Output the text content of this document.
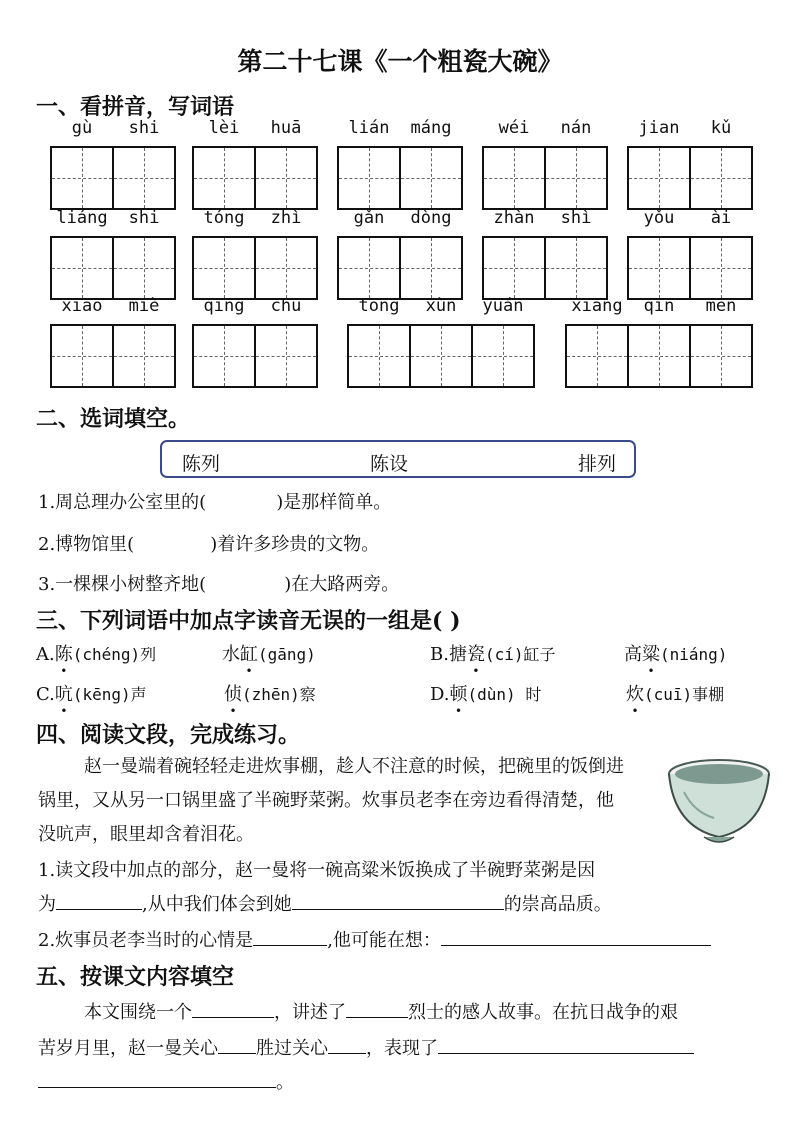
第二十七课《一个粗瓷大碗》
一、看拼音，写词语
gù	shi	lèi	huā	lián	máng	wéi	nán	jian	kǔ
liáng	shi	tóng	zhì	gǎn	dòng	zhàn	shì	yǒu	ài
xiāo	miè	qīng	chu	tōng	xùn	yuán	xiāng	qīn	men
二、选词填空。
陈列	陈设	排列
1.周总理办公室里的(	)是那样简单。
2.博物馆里(	)着许多珍贵的文物。
3.一棵棵小树整齐地(	)在大路两旁。
三、下列词语中加点字读音无误的一组是( )
A.陈(chéng)列	水缸(gāng)	B.搪瓷(cí)缸子	高粱(niáng)
C.吭(kēng)声	侦(zhēn)察	D.顿(dùn) 时	炊(cuī)事棚
四、阅读文段，完成练习。
赵一曼端着碗轻轻走进炊事棚，趁人不注意的时候，把碗里的饭倒进
锅里，又从另一口锅里盛了半碗野菜粥。炊事员老李在旁边看得清楚，他
没吭声，眼里却含着泪花。
1.读文段中加点的部分，赵一曼将一碗高粱米饭换成了半碗野菜粥是因
为	,从中我们体会到她	的崇高品质。
2.炊事员老李当时的心情是	,他可能在想：
五、按课文内容填空
本文围绕一个	，讲述了	烈士的感人故事。在抗日战争的艰
苦岁月里，赵一曼关心 胜过关心 ，表现了
。
